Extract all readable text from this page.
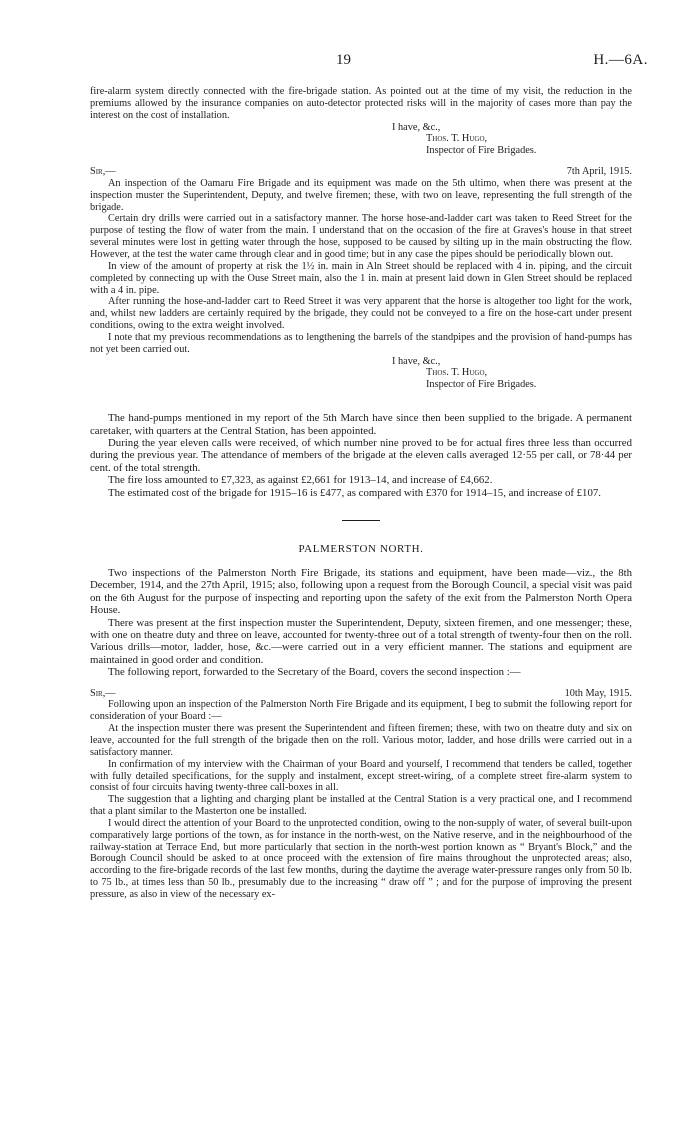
19	H.—6A.

fire-alarm system directly connected with the fire-brigade station. As pointed out at the time of my visit, the reduction in the premiums allowed by the insurance companies on auto-detector protected risks will in the majority of cases more than pay the interest on the cost of installation.

I have, &c.,

Thos. T. Hugo,

Inspector of Fire Brigades.

Sir,—	7th April, 1915.

An inspection of the Oamaru Fire Brigade and its equipment was made on the 5th ultimo, when there was present at the inspection muster the Superintendent, Deputy, and twelve firemen; these, with two on leave, representing the full strength of the brigade.

Certain dry drills were carried out in a satisfactory manner. The horse hose-and-ladder cart was taken to Reed Street for the purpose of testing the flow of water from the main. I understand that on the occasion of the fire at Graves's house in that street several minutes were lost in getting water through the hose, supposed to be caused by silting up in the main obstructing the flow. However, at the test the water came through clear and in good time; but in any case the pipes should be periodically blown out.

In view of the amount of property at risk the 1½ in. main in Aln Street should be replaced with 4 in. piping, and the circuit completed by connecting up with the Ouse Street main, also the 1 in. main at present laid down in Glen Street should be replaced with a 4 in. pipe.

After running the hose-and-ladder cart to Reed Street it was very apparent that the horse is altogether too light for the work, and, whilst new ladders are certainly required by the brigade, they could not be conveyed to a fire on the hose-cart under present conditions, owing to the extra weight involved.

I note that my previous recommendations as to lengthening the barrels of the standpipes and the provision of hand-pumps has not yet been carried out.

I have, &c.,

Thos. T. Hugo,

Inspector of Fire Brigades.

The hand-pumps mentioned in my report of the 5th March have since then been supplied to the brigade. A permanent caretaker, with quarters at the Central Station, has been appointed.

During the year eleven calls were received, of which number nine proved to be for actual fires three less than occurred during the previous year. The attendance of members of the brigade at the eleven calls averaged 12·55 per call, or 78·44 per cent. of the total strength.

The fire loss amounted to £7,323, as against £2,661 for 1913–14, and increase of £4,662.

The estimated cost of the brigade for 1915–16 is £477, as compared with £370 for 1914–15, and increase of £107.

PALMERSTON NORTH.

Two inspections of the Palmerston North Fire Brigade, its stations and equipment, have been made—viz., the 8th December, 1914, and the 27th April, 1915; also, following upon a request from the Borough Council, a special visit was paid on the 6th August for the purpose of inspecting and reporting upon the safety of the exit from the Palmerston North Opera House.

There was present at the first inspection muster the Superintendent, Deputy, sixteen firemen, and one messenger; these, with one on theatre duty and three on leave, accounted for twenty-three out of a total strength of twenty-four then on the roll. Various drills—motor, ladder, hose, &c.—were carried out in a very efficient manner. The stations and equipment are maintained in good order and condition.

The following report, forwarded to the Secretary of the Board, covers the second inspection :—

Sir,—	10th May, 1915.

Following upon an inspection of the Palmerston North Fire Brigade and its equipment, I beg to submit the following report for consideration of your Board :—

At the inspection muster there was present the Superintendent and fifteen firemen; these, with two on theatre duty and six on leave, accounted for the full strength of the brigade then on the roll. Various motor, ladder, and hose drills were carried out in a satisfactory manner.

In confirmation of my interview with the Chairman of your Board and yourself, I recommend that tenders be called, together with fully detailed specifications, for the supply and instalment, except street-wiring, of a complete street fire-alarm system to consist of four circuits having twenty-three call-boxes in all.

The suggestion that a lighting and charging plant be installed at the Central Station is a very practical one, and I recommend that a plant similar to the Masterton one be installed.

I would direct the attention of your Board to the unprotected condition, owing to the non-supply of water, of several built-upon comparatively large portions of the town, as for instance in the north-west, on the Native reserve, and in the neighbourhood of the railway-station at Terrace End, but more particularly that section in the north-west portion known as “ Bryant's Block,” and the Borough Council should be asked to at once proceed with the extension of fire mains throughout the unprotected areas; also, according to the fire-brigade records of the last few months, during the daytime the average water-pressure ranges only from 50 lb. to 75 lb., at times less than 50 lb., presumably due to the increasing “ draw off ” ; and for the purpose of improving the present pressure, as also in view of the necessary ex-
